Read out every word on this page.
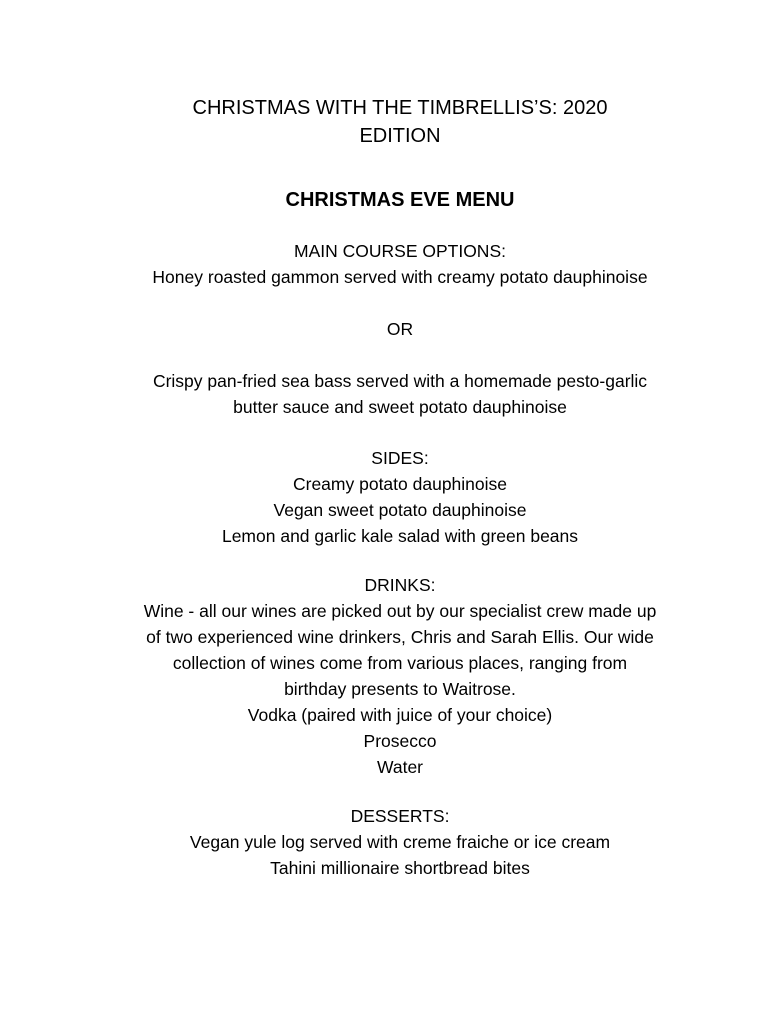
CHRISTMAS WITH THE TIMBRELLIS’S: 2020
EDITION
CHRISTMAS EVE MENU
MAIN COURSE OPTIONS:
Honey roasted gammon served with creamy potato dauphinoise
OR
Crispy pan-fried sea bass served with a homemade pesto-garlic
butter sauce and sweet potato dauphinoise
SIDES:
Creamy potato dauphinoise
Vegan sweet potato dauphinoise
Lemon and garlic kale salad with green beans
DRINKS:
Wine - all our wines are picked out by our specialist crew made up
of two experienced wine drinkers, Chris and Sarah Ellis. Our wide
collection of wines come from various places, ranging from
birthday presents to Waitrose.
Vodka (paired with juice of your choice)
Prosecco
Water
DESSERTS:
Vegan yule log served with creme fraiche or ice cream
Tahini millionaire shortbread bites
